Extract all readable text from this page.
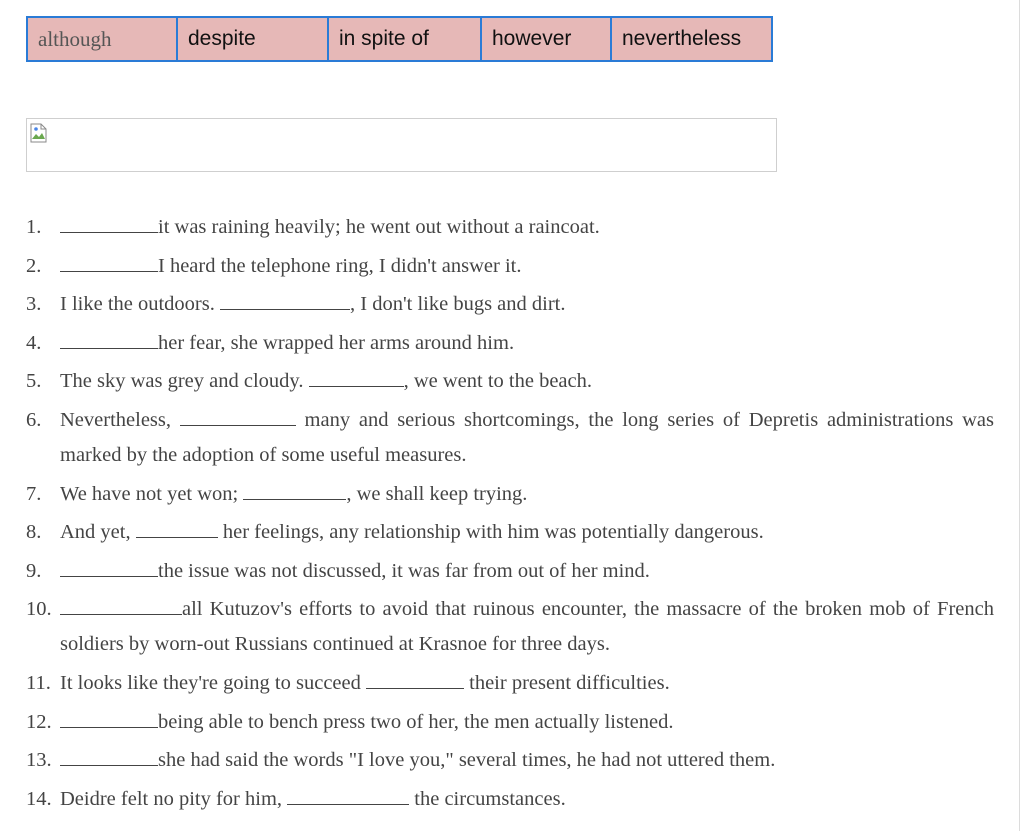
although	despite	in spite of	however	nevertheless
1.	it was raining heavily; he went out without a raincoat.
2.	I heard the telephone ring, I didn't answer it.
3. I like the outdoors.	, I don't like bugs and dirt.
4.	her fear, she wrapped her arms around him.
5. The sky was grey and cloudy.	, we went to the beach.
6. Nevertheless,	many and serious shortcomings, the long series of Depretis administrations was marked by the adoption of some useful measures.
7. We have not yet won;	, we shall keep trying.
8. And yet,	her feelings, any relationship with him was potentially dangerous.
9.	the issue was not discussed, it was far from out of her mind.
10.	all Kutuzov's efforts to avoid that ruinous encounter, the massacre of the broken mob of French soldiers by worn-out Russians continued at Krasnoe for three days.
11. It looks like they're going to succeed	their present difficulties.
12.	being able to bench press two of her, the men actually listened.
13.	she had said the words "I love you," several times, he had not uttered them.
14. Deidre felt no pity for him,	the circumstances.
